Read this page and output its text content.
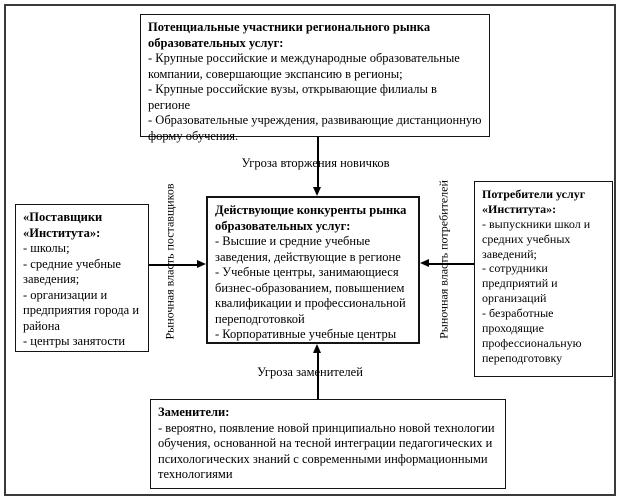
Потенциальные участники регионального рынка образовательных услуг:
- Крупные российские и международные образовательные компании, совершающие экспансию в регионы;
- Крупные российские вузы, открывающие филиалы в регионе
- Образовательные учреждения, развивающие дистанционную форму обучения.
Действующие конкуренты рынка образовательных услуг:
- Высшие и средние учебные заведения, действующие в регионе
- Учебные центры, занимающиеся бизнес-образованием, повышением квалификации и профессиональной переподготовкой
- Корпоративные учебные центры
«Поставщики «Института»:
- школы;
- средние учебные заведения;
- организации и предприятия города и района
- центры занятости
Потребители услуг «Института»:
- выпускники школ и средних учебных заведений;
- сотрудники предприятий и организаций
- безработные проходящие профессиональную переподготовку
Заменители:
- вероятно, появление новой принципиально новой технологии обучения, основанной на тесной интеграции педагогических и психологических знаний с современными информационными технологиями
Угроза вторжения новичков
Угроза заменителей
Рыночная власть поставщиков	Рыночная власть потребителей
